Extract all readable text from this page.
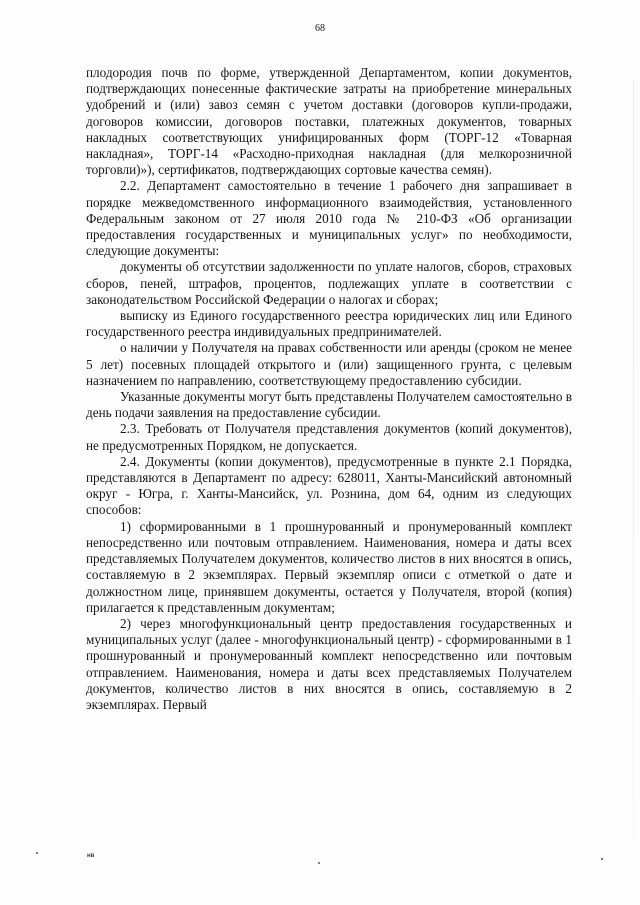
68

плодородия почв по форме, утвержденной Департаментом, копии документов, подтверждающих понесенные фактические затраты на приобретение минеральных удобрений и (или) завоз семян с учетом доставки (договоров купли-продажи, договоров комиссии, договоров поставки, платежных документов, товарных накладных соответствующих унифицированных форм (ТОРГ-12 «Товарная накладная», ТОРГ-14 «Расходно-приходная накладная (для мелкорозничной торговли)»), сертификатов, подтверждающих сортовые качества семян).

2.2. Департамент самостоятельно в течение 1 рабочего дня запрашивает в порядке межведомственного информационного взаимодействия, установленного Федеральным законом от 27 июля 2010 года № 210-ФЗ «Об организации предоставления государственных и муниципальных услуг» по необходимости, следующие документы:

документы об отсутствии задолженности по уплате налогов, сборов, страховых сборов, пеней, штрафов, процентов, подлежащих уплате в соответствии с законодательством Российской Федерации о налогах и сборах;

выписку из Единого государственного реестра юридических лиц или Единого государственного реестра индивидуальных предпринимателей.

о наличии у Получателя на правах собственности или аренды (сроком не менее 5 лет) посевных площадей открытого и (или) защищенного грунта, с целевым назначением по направлению, соответствующему предоставлению субсидии.

Указанные документы могут быть представлены Получателем самостоятельно в день подачи заявления на предоставление субсидии.

2.3. Требовать от Получателя представления документов (копий документов), не предусмотренных Порядком, не допускается.

2.4. Документы (копии документов), предусмотренные в пункте 2.1 Порядка, представляются в Департамент по адресу: 628011, Ханты-Мансийский автономный округ - Югра, г. Ханты-Мансийск, ул. Рознина, дом 64, одним из следующих способов:

1) сформированными в 1 прошнурованный и пронумерованный комплект непосредственно или почтовым отправлением. Наименования, номера и даты всех представляемых Получателем документов, количество листов в них вносятся в опись, составляемую в 2 экземплярах. Первый экземпляр описи с отметкой о дате и должностном лице, принявшем документы, остается у Получателя, второй (копия) прилагается к представленным документам;

2) через многофункциональный центр предоставления государственных и муниципальных услуг (далее - многофункциональный центр) - сформированными в 1 прошнурованный и пронумерованный комплект непосредственно или почтовым отправлением. Наименования, номера и даты всех представляемых Получателем документов, количество листов в них вносятся в опись, составляемую в 2 экземплярах. Первый

нв
